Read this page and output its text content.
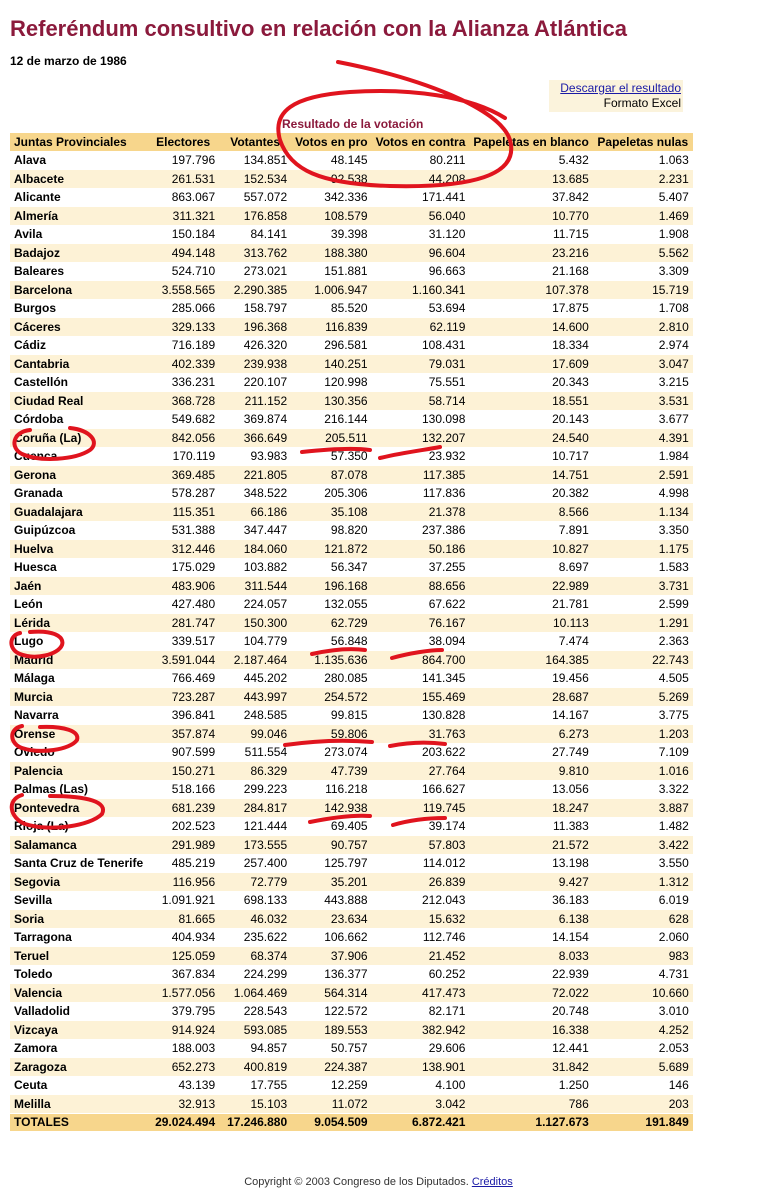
Referéndum consultivo en relación con la Alianza Atlántica
12 de marzo de 1986
Descargar el resultado
Formato Excel
Resultado de la votación
Juntas Provinciales	Electores	Votantes	Votos en pro	Votos en contra	Papeletas en blanco	Papeletas nulas
Alava	197.796	134.851	48.145	80.211	5.432	1.063
Albacete	261.531	152.534	92.538	44.208	13.685	2.231
Alicante	863.067	557.072	342.336	171.441	37.842	5.407
Almería	311.321	176.858	108.579	56.040	10.770	1.469
Avila	150.184	84.141	39.398	31.120	11.715	1.908
Badajoz	494.148	313.762	188.380	96.604	23.216	5.562
Baleares	524.710	273.021	151.881	96.663	21.168	3.309
Barcelona	3.558.565	2.290.385	1.006.947	1.160.341	107.378	15.719
Burgos	285.066	158.797	85.520	53.694	17.875	1.708
Cáceres	329.133	196.368	116.839	62.119	14.600	2.810
Cádiz	716.189	426.320	296.581	108.431	18.334	2.974
Cantabria	402.339	239.938	140.251	79.031	17.609	3.047
Castellón	336.231	220.107	120.998	75.551	20.343	3.215
Ciudad Real	368.728	211.152	130.356	58.714	18.551	3.531
Córdoba	549.682	369.874	216.144	130.098	20.143	3.677
Coruña (La)	842.056	366.649	205.511	132.207	24.540	4.391
Cuenca	170.119	93.983	57.350	23.932	10.717	1.984
Gerona	369.485	221.805	87.078	117.385	14.751	2.591
Granada	578.287	348.522	205.306	117.836	20.382	4.998
Guadalajara	115.351	66.186	35.108	21.378	8.566	1.134
Guipúzcoa	531.388	347.447	98.820	237.386	7.891	3.350
Huelva	312.446	184.060	121.872	50.186	10.827	1.175
Huesca	175.029	103.882	56.347	37.255	8.697	1.583
Jaén	483.906	311.544	196.168	88.656	22.989	3.731
León	427.480	224.057	132.055	67.622	21.781	2.599
Lérida	281.747	150.300	62.729	76.167	10.113	1.291
Lugo	339.517	104.779	56.848	38.094	7.474	2.363
Madrid	3.591.044	2.187.464	1.135.636	864.700	164.385	22.743
Málaga	766.469	445.202	280.085	141.345	19.456	4.505
Murcia	723.287	443.997	254.572	155.469	28.687	5.269
Navarra	396.841	248.585	99.815	130.828	14.167	3.775
Orense	357.874	99.046	59.806	31.763	6.273	1.203
Oviedo	907.599	511.554	273.074	203.622	27.749	7.109
Palencia	150.271	86.329	47.739	27.764	9.810	1.016
Palmas (Las)	518.166	299.223	116.218	166.627	13.056	3.322
Pontevedra	681.239	284.817	142.938	119.745	18.247	3.887
Rioja (La)	202.523	121.444	69.405	39.174	11.383	1.482
Salamanca	291.989	173.555	90.757	57.803	21.572	3.422
Santa Cruz de Tenerife	485.219	257.400	125.797	114.012	13.198	3.550
Segovia	116.956	72.779	35.201	26.839	9.427	1.312
Sevilla	1.091.921	698.133	443.888	212.043	36.183	6.019
Soria	81.665	46.032	23.634	15.632	6.138	628
Tarragona	404.934	235.622	106.662	112.746	14.154	2.060
Teruel	125.059	68.374	37.906	21.452	8.033	983
Toledo	367.834	224.299	136.377	60.252	22.939	4.731
Valencia	1.577.056	1.064.469	564.314	417.473	72.022	10.660
Valladolid	379.795	228.543	122.572	82.171	20.748	3.010
Vizcaya	914.924	593.085	189.553	382.942	16.338	4.252
Zamora	188.003	94.857	50.757	29.606	12.441	2.053
Zaragoza	652.273	400.819	224.387	138.901	31.842	5.689
Ceuta	43.139	17.755	12.259	4.100	1.250	146
Melilla	32.913	15.103	11.072	3.042	786	203
TOTALES	29.024.494	17.246.880	9.054.509	6.872.421	1.127.673	191.849
Copyright © 2003 Congreso de los Diputados. Créditos
